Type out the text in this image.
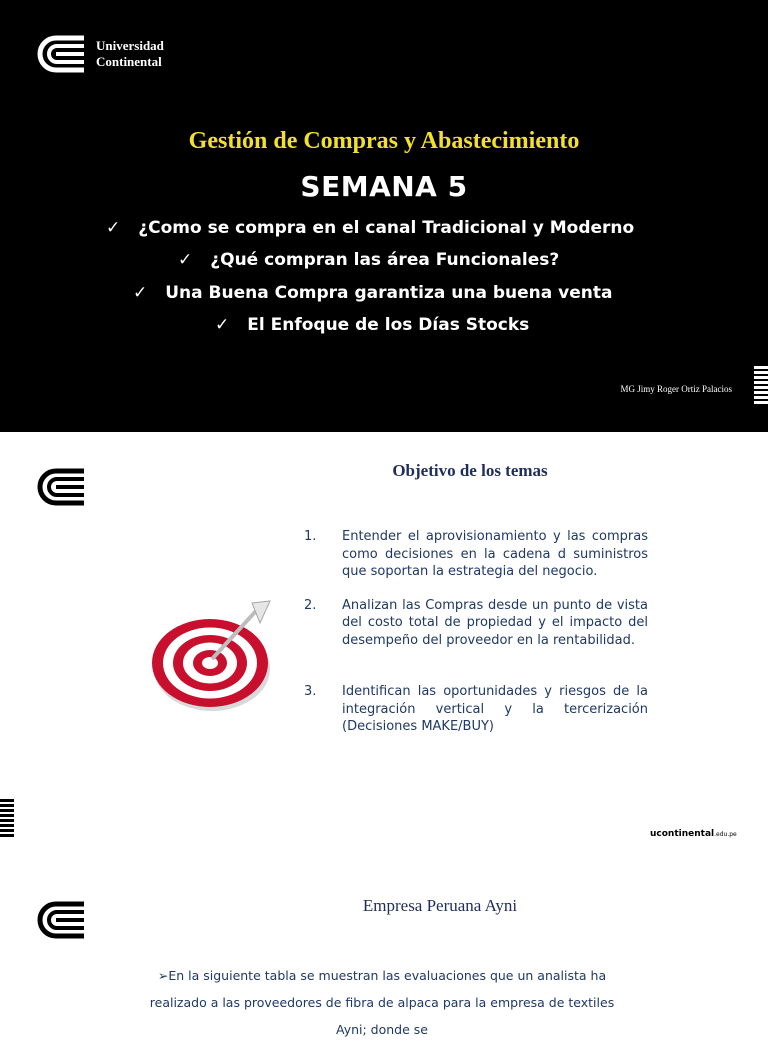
Universidad
Continental
Gestión de Compras y Abastecimiento
SEMANA 5
✓ ¿Como se compra en el canal Tradicional y Moderno
✓ ¿Qué compran las área Funcionales?
✓ Una Buena Compra garantiza una buena venta
✓ El Enfoque de los Días Stocks
MG Jimy Roger Ortiz Palacios
Objetivo de los temas
1. Entender el aprovisionamiento y las compras como decisiones en la cadena d suministros que soportan la estrategia del negocio.
2. Analizan las Compras desde un punto de vista del costo total de propiedad y el impacto del desempeño del proveedor en la rentabilidad.
3. Identifican las oportunidades y riesgos de la integración vertical y la tercerización (Decisiones MAKE/BUY)
ucontinental.edu.pe
Empresa Peruana Ayni
➢En la siguiente tabla se muestran las evaluaciones que un analista ha realizado a las proveedores de fibra de alpaca para la empresa de textiles Ayni; donde se
